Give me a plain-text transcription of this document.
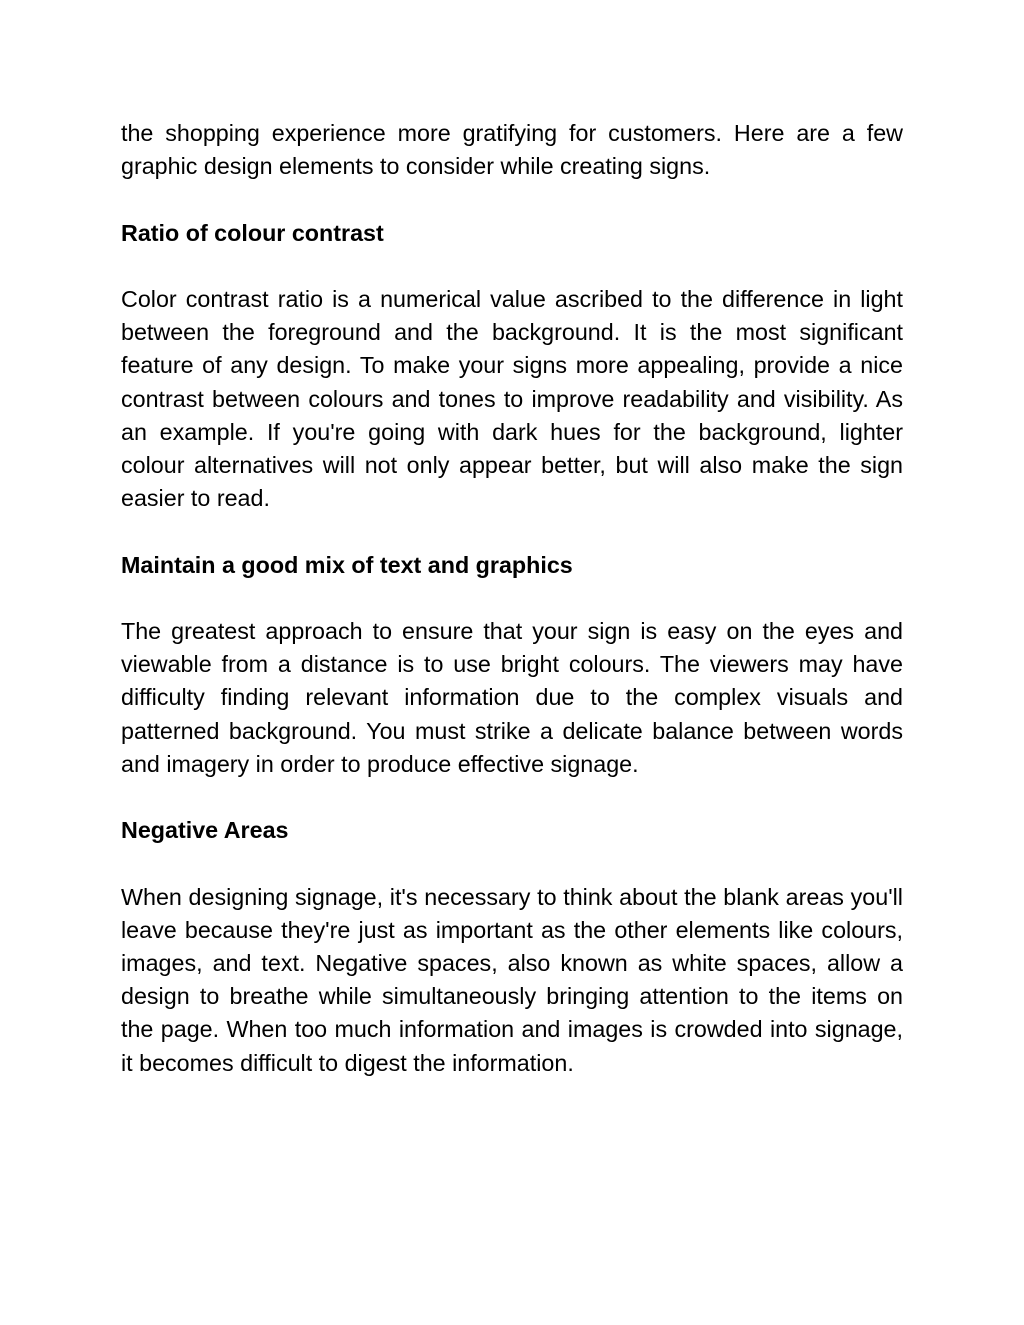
the shopping experience more gratifying for customers. Here are a few graphic design elements to consider while creating signs.

Ratio of colour contrast

Color contrast ratio is a numerical value ascribed to the difference in light between the foreground and the background. It is the most significant feature of any design. To make your signs more appealing, provide a nice contrast between colours and tones to improve readability and visibility. As an example. If you're going with dark hues for the background, lighter colour alternatives will not only appear better, but will also make the sign easier to read.

Maintain a good mix of text and graphics

The greatest approach to ensure that your sign is easy on the eyes and viewable from a distance is to use bright colours. The viewers may have difficulty finding relevant information due to the complex visuals and patterned background. You must strike a delicate balance between words and imagery in order to produce effective signage.

Negative Areas

When designing signage, it's necessary to think about the blank areas you'll leave because they're just as important as the other elements like colours, images, and text. Negative spaces, also known as white spaces, allow a design to breathe while simultaneously bringing attention to the items on the page. When too much information and images is crowded into signage, it becomes difficult to digest the information.
